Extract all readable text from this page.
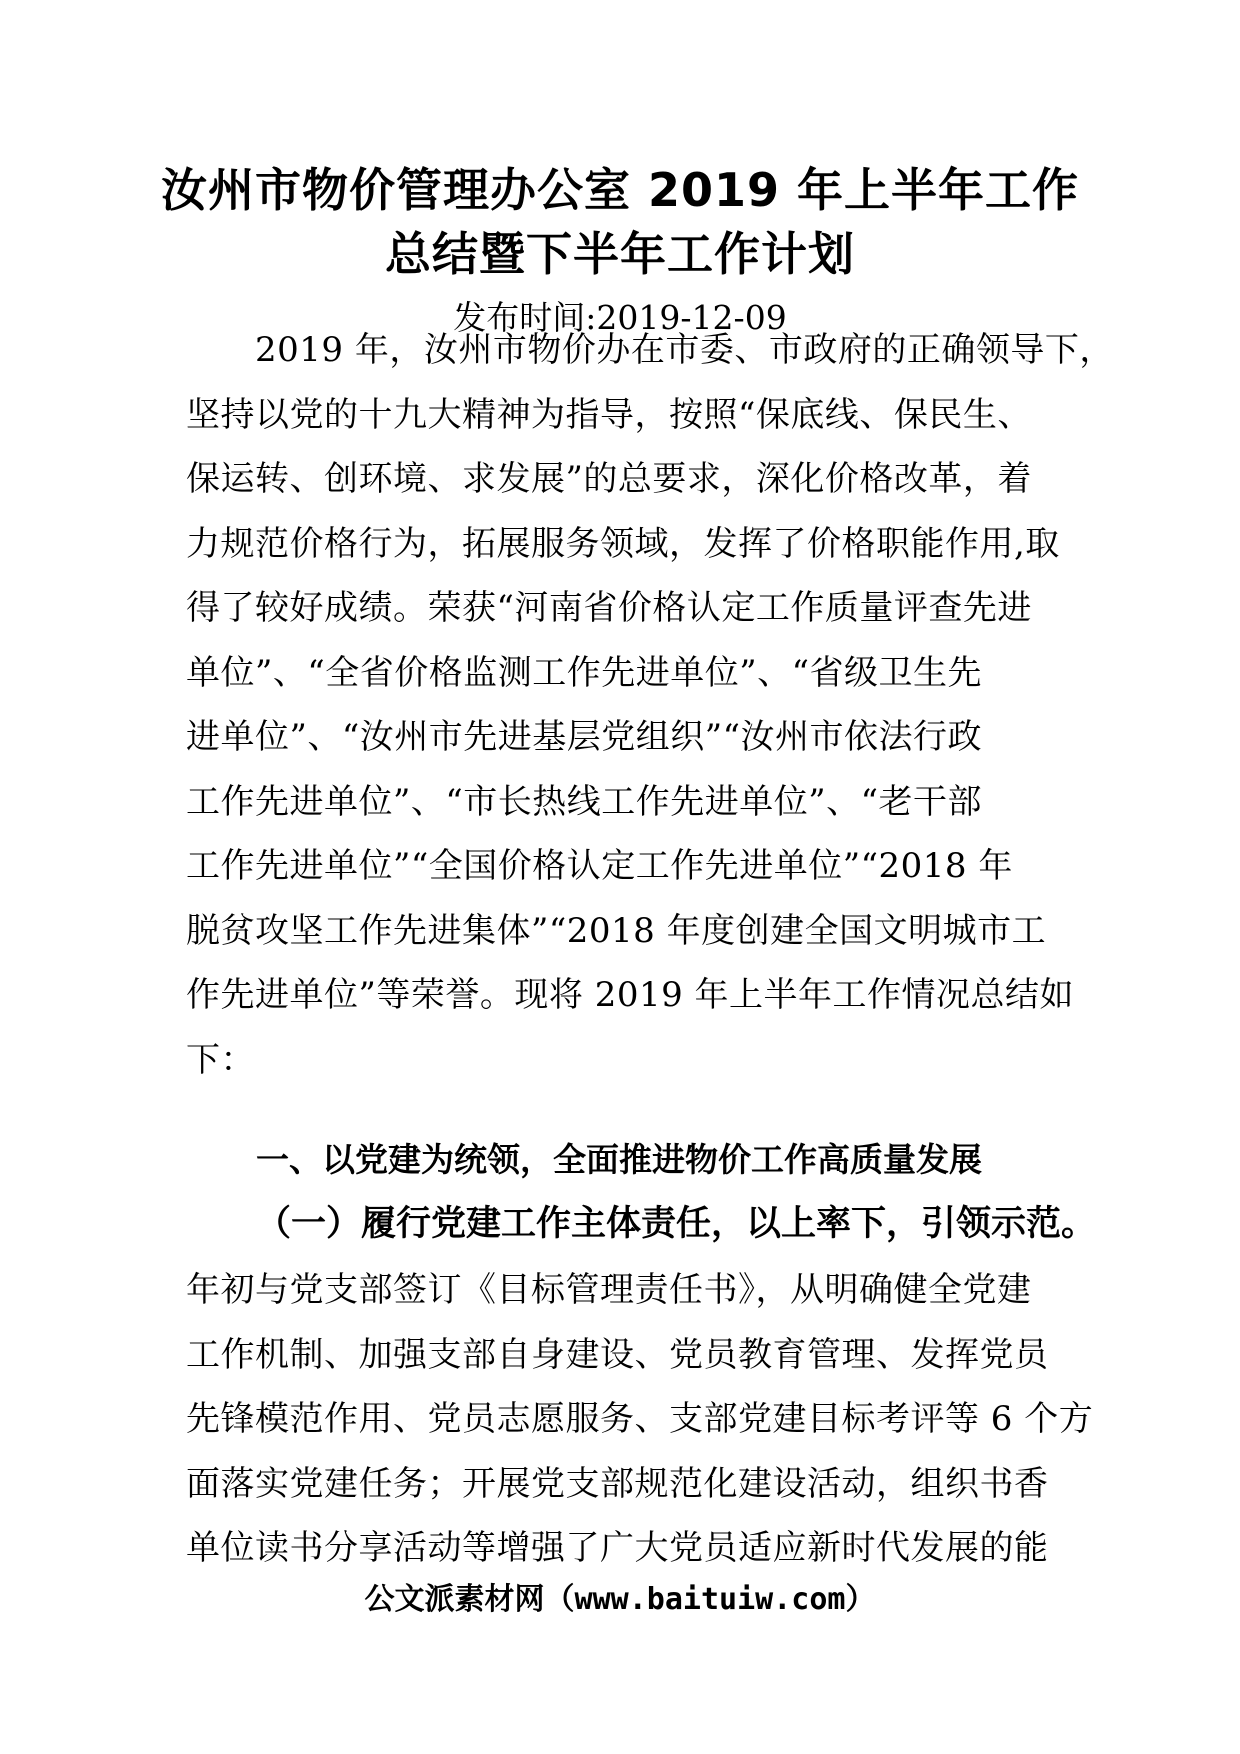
汝州市物价管理办公室 2019 年上半年工作
总结暨下半年工作计划
发布时间:2019-12-09
　　2019 年，汝州市物价办在市委、市政府的正确领导下，
坚持以党的十九大精神为指导，按照“保底线、保民生、
保运转、创环境、求发展”的总要求，深化价格改革，着
力规范价格行为，拓展服务领域，发挥了价格职能作用,取
得了较好成绩。荣获“河南省价格认定工作质量评查先进
单位”、“全省价格监测工作先进单位”、“省级卫生先
进单位”、“汝州市先进基层党组织”“汝州市依法行政
工作先进单位”、“市长热线工作先进单位”、“老干部
工作先进单位”“全国价格认定工作先进单位”“2018 年
脱贫攻坚工作先进集体”“2018 年度创建全国文明城市工
作先进单位”等荣誉。现将 2019 年上半年工作情况总结如
下：
一、以党建为统领，全面推进物价工作高质量发展
（一）履行党建工作主体责任，以上率下，引领示范。
年初与党支部签订《目标管理责任书》，从明确健全党建
工作机制、加强支部自身建设、党员教育管理、发挥党员
先锋模范作用、党员志愿服务、支部党建目标考评等 6 个方
面落实党建任务；开展党支部规范化建设活动，组织书香
单位读书分享活动等增强了广大党员适应新时代发展的能
公文派素材网（www.baituiw.com）
